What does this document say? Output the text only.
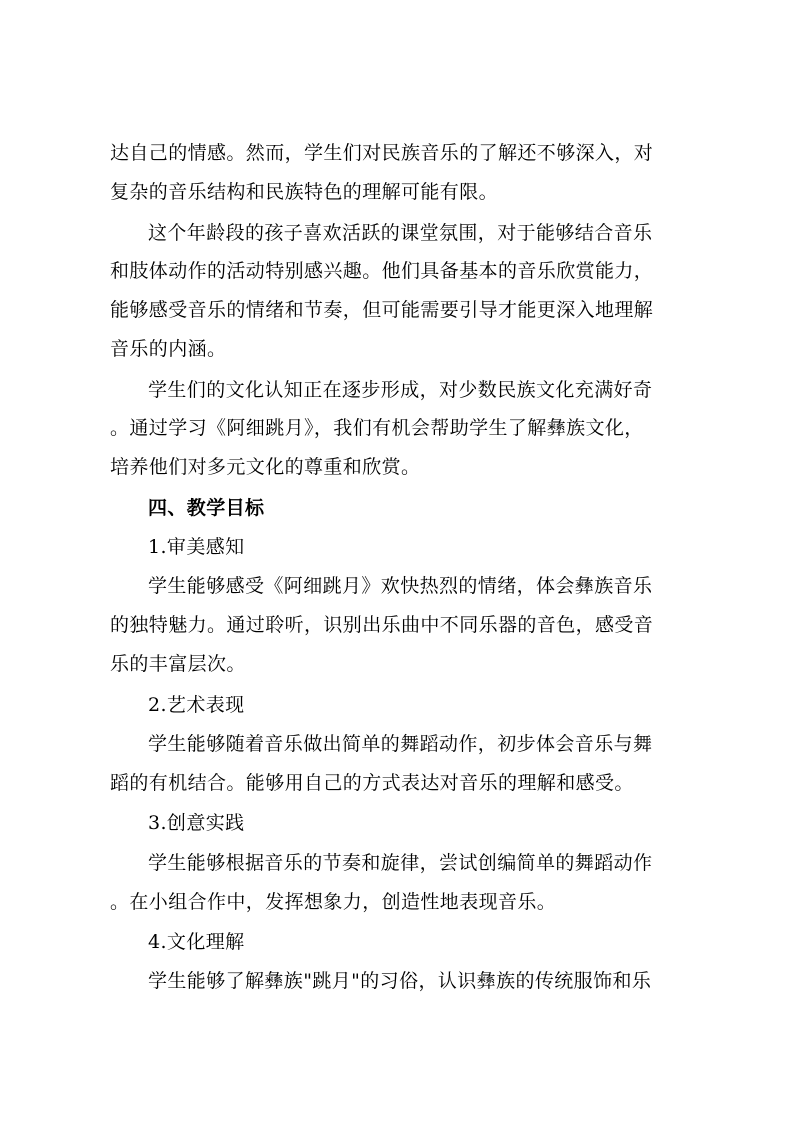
达自己的情感。然而，学生们对民族音乐的了解还不够深入，对
复杂的音乐结构和民族特色的理解可能有限。
这个年龄段的孩子喜欢活跃的课堂氛围，对于能够结合音乐
和肢体动作的活动特别感兴趣。他们具备基本的音乐欣赏能力，
能够感受音乐的情绪和节奏，但可能需要引导才能更深入地理解
音乐的内涵。
学生们的文化认知正在逐步形成，对少数民族文化充满好奇
。通过学习《阿细跳月》，我们有机会帮助学生了解彝族文化，
培养他们对多元文化的尊重和欣赏。
四、教学目标
1.审美感知
学生能够感受《阿细跳月》欢快热烈的情绪，体会彝族音乐
的独特魅力。通过聆听，识别出乐曲中不同乐器的音色，感受音
乐的丰富层次。
2.艺术表现
学生能够随着音乐做出简单的舞蹈动作，初步体会音乐与舞
蹈的有机结合。能够用自己的方式表达对音乐的理解和感受。
3.创意实践
学生能够根据音乐的节奏和旋律，尝试创编简单的舞蹈动作
。在小组合作中，发挥想象力，创造性地表现音乐。
4.文化理解
学生能够了解彝族"跳月"的习俗，认识彝族的传统服饰和乐
